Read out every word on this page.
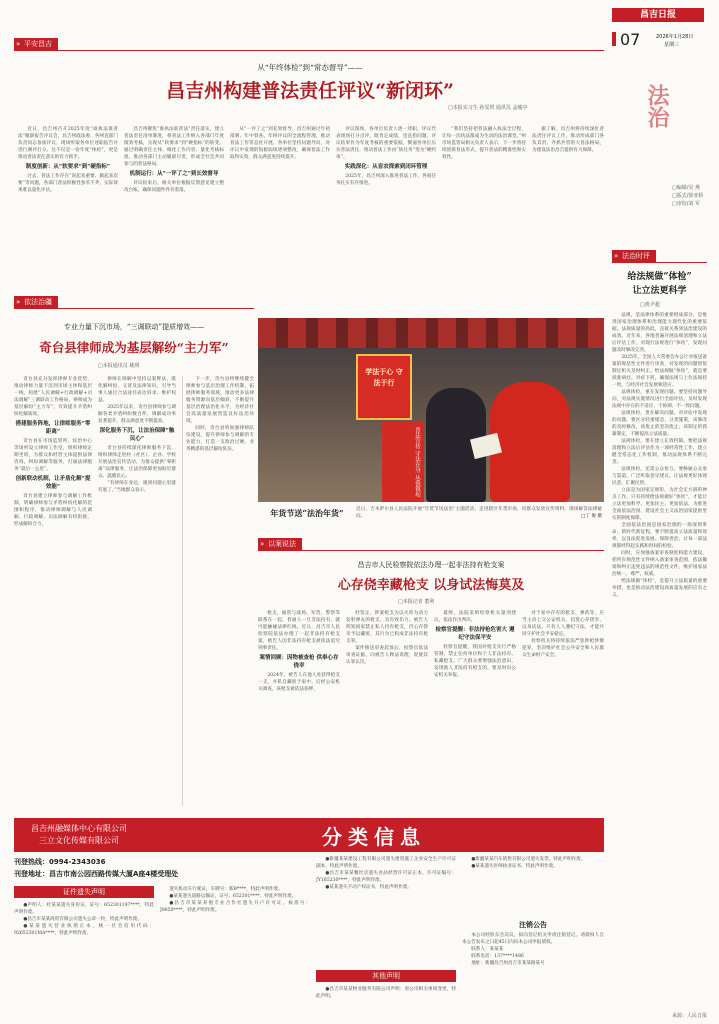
昌吉日报
07	2026年1月28日
星期三
» 平安昌吉
从“年终体检”到“常态督导”——
昌吉州构建普法责任评议“新闭环”
□本报实习生 孙雯琪 通讯员 孟峻亭

近日，昌吉州召开2025年度“谁执法谁普法”履职报告评议会，昌吉州政法委、各州直部门负责同志参加评议，现场听取各单位述职报告并进行测评打分。这不仅是一份年度“体检”，更是推动普法责任落实的有力抓手。

制度创新：从“软要求”到“硬指标”

过去，普法工作存在“说起来重要、做起来次要”等问题，各部门普法积极性参差不齐，实际效果难以量化评估。

昌吉州聚焦“谁执法谁普法”责任落实，建立普法责任清单制度，将普法工作纳入各部门年度绩效考核，实现从“软要求”到“硬指标”的转变。通过明确责任主体、细化工作内容、量化考核标准，推动各部门主动履职尽责，形成全社会共同参与的普法格局。

机制运行：从“一评了之”到长效督导

评议结束后，相关单位根据反馈意见建立整改台账，确保问题件件有着落。

从“一评了之”到长效督导，昌吉州通过年初部署、年中督查、年终评议的全流程管理，推动普法工作常态化开展。各单位坚持问题导向，对评议中发现的短板弱项逐项整改，确保普法工作取得实效，群众满意度持续提升。

评议现场，各单位负责人逐一述职，评议代表现场打分点评，既肯定成绩，也直指问题。评议结果作为年度考核的重要依据，倒逼各单位压实普法责任，推动普法工作由“软任务”变为“硬约束”。

实践深化：从盲农探索到闭环管理

2025年，昌吉州深入推进普法工作，各项任务扎实有序推进。

“我们坚持把普法融入执法全过程，让每一次执法都成为生动的法治课堂。”州市场监管局相关负责人表示，下一步将持续创新普法形式，提升普法的精准性和实效性。

据了解，昌吉州将持续深化普法责任评议工作，推动形成部门各负其责、齐抓共管的大普法格局，为建设法治昌吉提供有力保障。

法治
□编辑/吴 燕
□版式/徐亚娇
□审校/刘 军
» 法治时评
给法规做“体检”
让立法更科学
□黄尹超

法规，是法律体系的重要组成部分，是推进国家治理体系和治理能力现代化的重要依据。法规质量的高低，直接关系到法治建设的成效。近年来，各地普遍开展法规清理和立法后评估工作，对现行法规进行“体检”，发现问题及时修改完善。

2025年，全国人大常委会办公厅对报送备案的规范性文件进行审查，对发现的问题督促制定机关及时纠正。给法规做“体检”，就是要找准病灶、对症下药，确保法规与上位法保持一致，与经济社会发展相适应。

法规体检，重在发现问题。要坚持问题导向，对法规实施情况进行全面评估，及时发现法规中存在的不适应、不协调、不一致问题。

法规体检，贵在解决问题。对评估中发现的问题，要区分轻重缓急，分类施策，该修改的及时修改，该废止的坚决废止，该制定的抓紧制定，不断提高立法质量。

法规体检，要在建立长效机制。要把法规清理和立法后评估作为一项经常性工作，建立健全常态化工作机制，推动法规体系不断完善。

法规体检，还需公众参与。要畅通公众参与渠道，广泛听取意见建议，让法规更好体现民意、汇聚民智。

立法是为国家定规矩、为社会定方圆的神圣工作。只有持续给法规做好“体检”，才能让立法更加科学、更加民主、更加依法，为推进全面依法治国、建设社会主义法治国家提供坚实的制度保障。

全面依法治国是国家治理的一场深刻革命。新时代新征程，要不断提高立法质量和效率，以良法促进发展、保障善治，让每一部法规都经得起实践和时间的检验。

同时，应加强备案审查制度和能力建设，把所有规范性文件纳入备案审查范围，依法撤销和纠正违宪违法的规范性文件，维护国家法治统一、尊严、权威。

给法规做“体检”，是提升立法质量的重要举措，也是推动法治建设高质量发展的应有之义。

来源：人民日报
» 依法治疆
专业力量下沉市场，“三调联动”提质增效——
奇台县律师成为基层解纷“主力军”
□本报通讯员 姚瑛

奇台县充分发挥律师专业优势，推动律师力量下沉到市场主体和基层一线，构建“人民调解+行政调解+司法调解”三调联动工作格局，律师成为基层解纷“主力军”，有效提升矛盾纠纷化解质效。

搭建服务阵地，让律师服务“零距离”

奇台县在市场监管所、综治中心等场所设立律师工作室，组织律师定期坐班，为群众和经营主体提供法律咨询、纠纷调解等服务，打通法律服务“最后一公里”。

创新联动机制，让矛盾化解“提效能”

奇台县建立律师参与调解工作机制，明确律师参与矛盾纠纷化解的范围和程序，推动律师调解与人民调解、行政调解、司法调解有机衔接，形成解纷合力。

律师在调解中坚持以案释法，既化解纠纷，又普及法律知识，引导当事人通过合法途径表达诉求、维护权益。

2025年以来，奇台县律师参与调解各类矛盾纠纷数百件，调解成功率显著提升，群众满意度不断提高。

深化服务下沉，让法治保障“触民心”

奇台县持续深化律师服务下沉，组织律师走进村（社区）、企业、学校开展法治宣传活动，为群众提供“零距离”法律服务，让法治保障更加贴近群众、温暖民心。

“有律师在身边，遇到问题心里就有底了。”当地群众表示。

下一步，奇台县将继续健全律师参与基层治理工作机制，拓展律师服务领域，推动更多法律服务资源向基层倾斜，不断提升基层治理法治化水平，为经济社会高质量发展营造良好法治环境。

同时，奇台县将加强律师队伍建设，提升律师参与调解的专业能力，打造一支政治过硬、业务精湛的基层解纷队伍。

学法于心 守法于行
普法宣传 守法在身 从我做起
年货节送“法治年货”	近日，吉木萨尔县人民法院开展“年货节送法治”主题活动，走进辖区年货市场，向群众发放宣传资料，现场解答法律疑问。	□丁 俊 摄
» 以案说法
昌吉市人民检察院依法办理一起非法持有枪支案
心存侥幸藏枪支 以身试法悔莫及
□本报记者 董利

枪支，通常与战场、军营、警察等联系在一起，普通人一旦非法持有，就可能触碰法律红线。近日，昌吉市人民检察院依法办理了一起非法持有枪支案，被告人因非法持有枪支被依法追究刑事责任。

案情回顾：因物被查枪 供奉心存侥幸

2024年，被告人在他人处获得枪支一支，并私自藏匿于家中。后经公安机关调查，该枪支被依法扣押。

经鉴定，涉案枪支为以火药为动力发射弹丸的枪支，具有致伤力。被告人明知国家禁止私人持有枪支，仍心存侥幸予以藏匿，其行为已构成非法持有枪支罪。

案件移送审查起诉后，检察官依法审查证据，向被告人释法说理，促使其认罪认罚。

最终，法院采纳检察机关量刑建议，依法作出判决。

检察官提醒：非法持枪危害大 遵纪守法保平安

检察官提醒，我国对枪支实行严格管制，禁止任何单位和个人非法持有、私藏枪支。广大群众要增强法治意识，发现他人非法持有枪支的，要及时向公安机关举报。

对于家中存有的枪支、弹药等，应当主动上交公安机关，切莫心存侥幸，以身试法。只有人人遵纪守法，才能共同守护社会平安稳定。

检察机关将持续依法严惩涉枪涉爆犯罪，坚决维护社会公共安全和人民群众生命财产安全。

昌吉州融媒体中心有限公司
三立文化传媒有限公司	分类信息
刊登热线：0994-2343036
刊登地址：昌吉市南公园西路传媒大厦A座4楼受理处
证件遗失声明

●声明人：杜某某遗失身份证，证号：652301197****，特此声明作废。

●昌吉市某某商贸有限公司遗失公章一枚，特此声明作废。

●某某遗失营业执照正本，统一社会信用代码：92652301MA****，特此声明作废。

遗失机动车行驶证，车牌号：新B****，特此声明作废。

●某某遗失道路运输证，证号：652301****，特此声明作废。

●昌吉市某某养殖专业合作社遗失开户许可证，核准号：J8850****，特此声明作废。

●新疆某某建设工程有限公司遗失建筑施工企业安全生产许可证副本，特此声明作废。

●昌吉市某某餐饮店遗失食品经营许可证正本，许可证编号：JY165230****，特此声明作废。

●某某遗失不动产权证书，特此声明作废。

其他声明

●昌吉市某某物业服务有限公司声明：原公司相关事项变更，特此声明。

●新疆某某汽车销售有限公司遗失发票，特此声明作废。

●某某遗失医师执业证书，特此声明作废。

注销公告

本公司经股东会决议，拟向登记机关申请注销登记，请债权人自本公告发布之日起45日内向本公司申报债权。

联系人：某某某

联系电话：137****1486

地址：新疆昌吉州昌吉市某某路某号
